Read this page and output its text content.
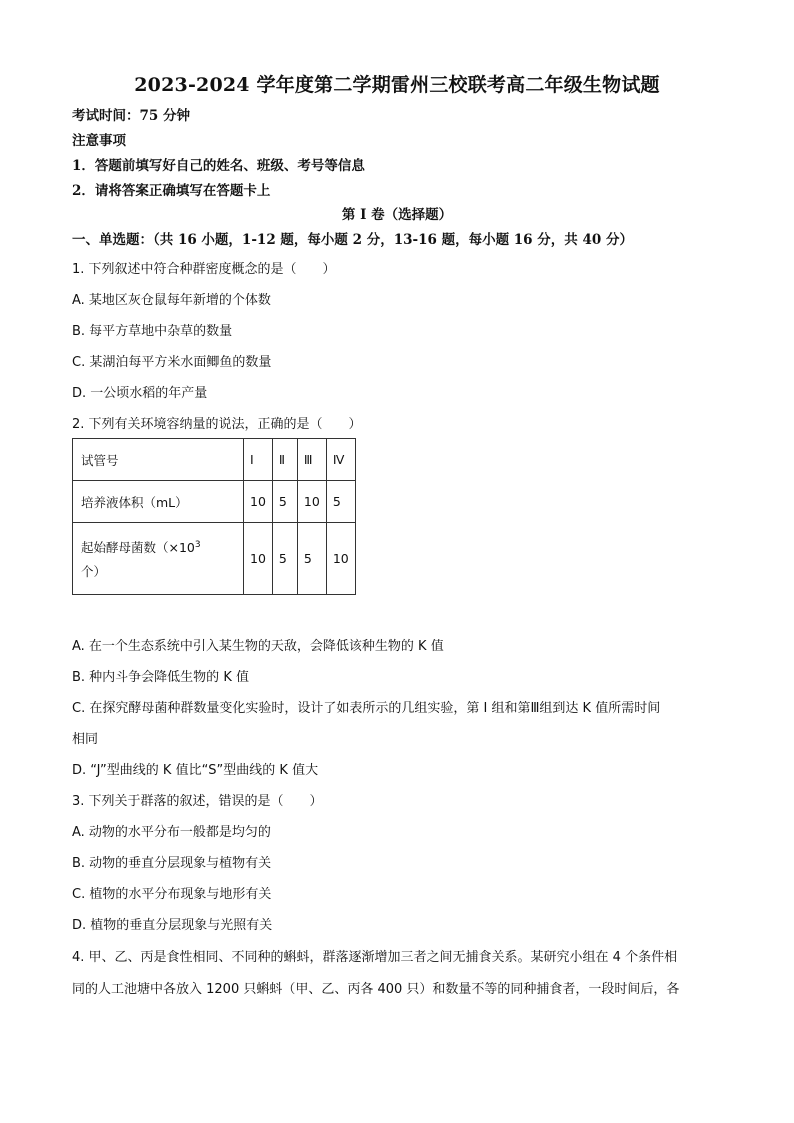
2023-2024 学年度第二学期雷州三校联考高二年级生物试题
考试时间：75 分钟
注意事项
1．答题前填写好自己的姓名、班级、考号等信息
2．请将答案正确填写在答题卡上
第 I 卷（选择题）
一、单选题：（共 16 小题，1-12 题，每小题 2 分，13-16 题，每小题 16 分，共 40 分）
1. 下列叙述中符合种群密度概念的是（　　）
A. 某地区灰仓鼠每年新增的个体数
B. 每平方草地中杂草的数量
C. 某湖泊每平方米水面鲫鱼的数量
D. 一公顷水稻的年产量
2. 下列有关环境容纳量的说法，正确的是（　　）
试管号	I	Ⅱ	Ⅲ	Ⅳ
培养液体积（mL）	10	5	10	5
起始酵母菌数（$\times 10^3$
个）	10	5	5	10
A. 在一个生态系统中引入某生物的天敌，会降低该种生物的 K 值
B. 种内斗争会降低生物的 K 值
C. 在探究酵母菌种群数量变化实验时，设计了如表所示的几组实验，第 I 组和第Ⅲ组到达 K 值所需时间
相同
D. “J”型曲线的 K 值比“S”型曲线的 K 值大
3. 下列关于群落的叙述，错误的是（　　）
A. 动物的水平分布一般都是均匀的
B. 动物的垂直分层现象与植物有关
C. 植物的水平分布现象与地形有关
D. 植物的垂直分层现象与光照有关
4. 甲、乙、丙是食性相同、不同种的蝌蚪，群落逐渐增加三者之间无捕食关系。某研究小组在 4 个条件相
同的人工池塘中各放入 1200 只蝌蚪（甲、乙、丙各 400 只）和数量不等的同种捕食者，一段时间后，各
